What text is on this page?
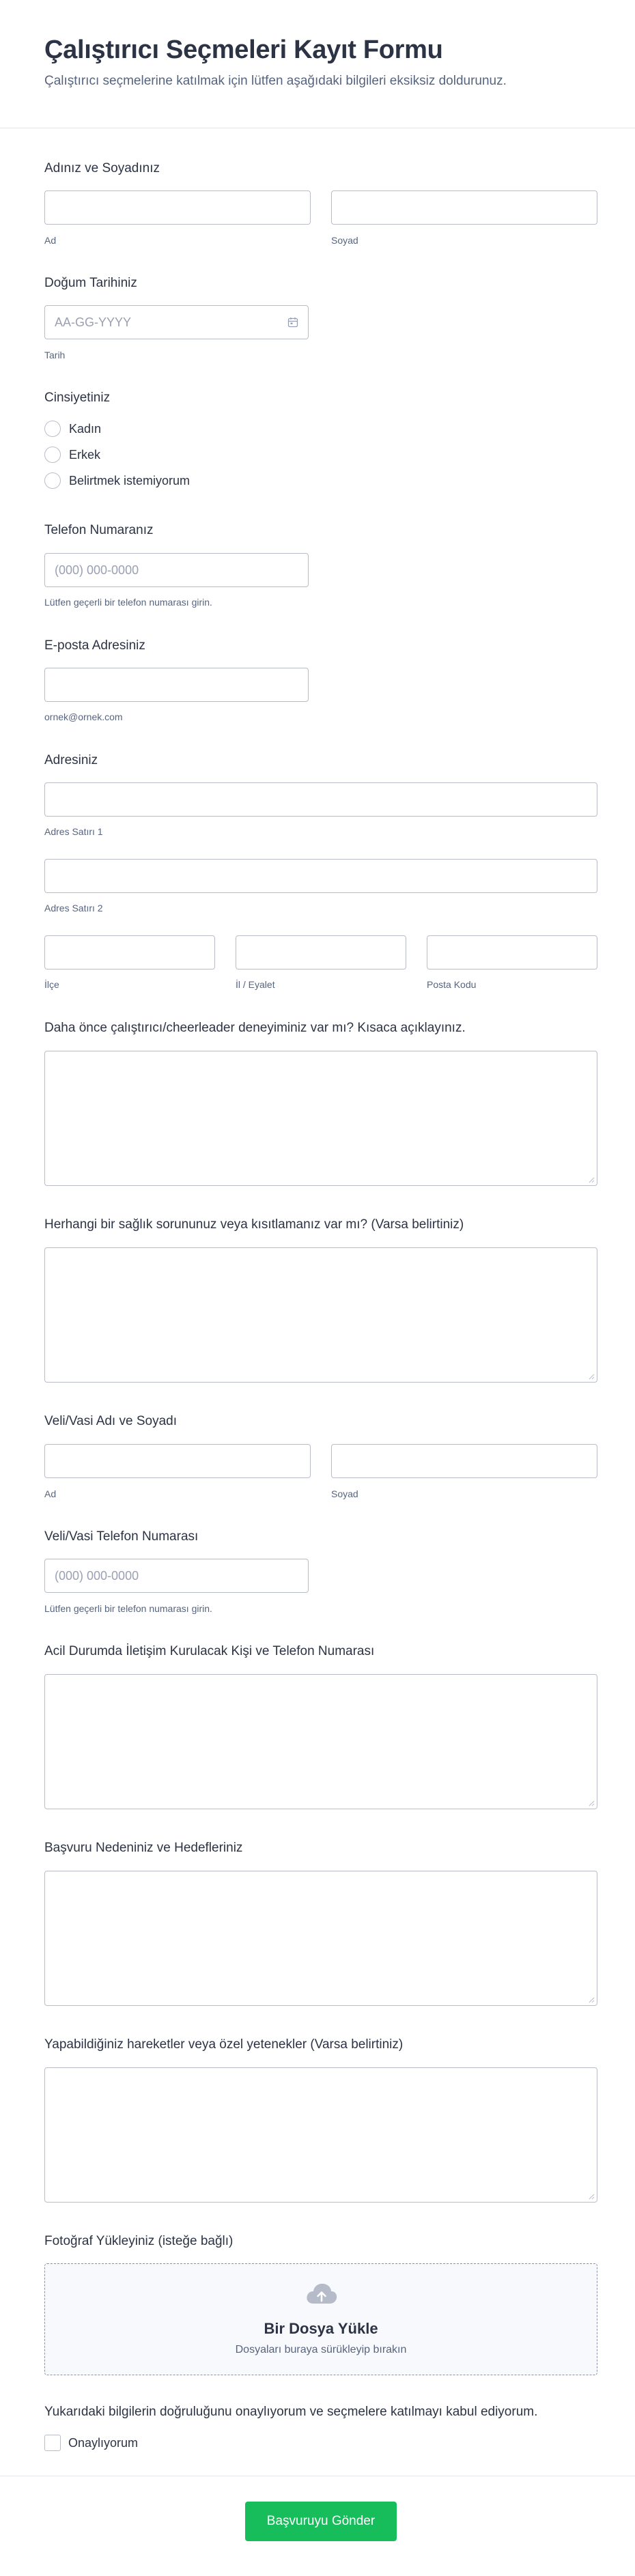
Çalıştırıcı Seçmeleri Kayıt Formu

Çalıştırıcı seçmelerine katılmak için lütfen aşağıdaki bilgileri eksiksiz doldurunuz.

Adınız ve Soyadınız
Ad	Soyad
Doğum Tarihiniz
AA-GG-YYYY
Tarih
Cinsiyetiniz
Kadın
Erkek
Belirtmek istemiyorum
Telefon Numaranız
(000) 000-0000
Lütfen geçerli bir telefon numarası girin.
E-posta Adresiniz
ornek@ornek.com
Adresiniz
Adres Satırı 1
Adres Satırı 2
İlçe	İl / Eyalet	Posta Kodu
Daha önce çalıştırıcı/cheerleader deneyiminiz var mı? Kısaca açıklayınız.
Herhangi bir sağlık sorununuz veya kısıtlamanız var mı? (Varsa belirtiniz)
Veli/Vasi Adı ve Soyadı
Ad	Soyad
Veli/Vasi Telefon Numarası
(000) 000-0000
Lütfen geçerli bir telefon numarası girin.
Acil Durumda İletişim Kurulacak Kişi ve Telefon Numarası
Başvuru Nedeniniz ve Hedefleriniz
Yapabildiğiniz hareketler veya özel yetenekler (Varsa belirtiniz)
Fotoğraf Yükleyiniz (isteğe bağlı)
Bir Dosya Yükle
Dosyaları buraya sürükleyip bırakın
Yukarıdaki bilgilerin doğruluğunu onaylıyorum ve seçmelere katılmayı kabul ediyorum.
Onaylıyorum
Başvuruyu Gönder
